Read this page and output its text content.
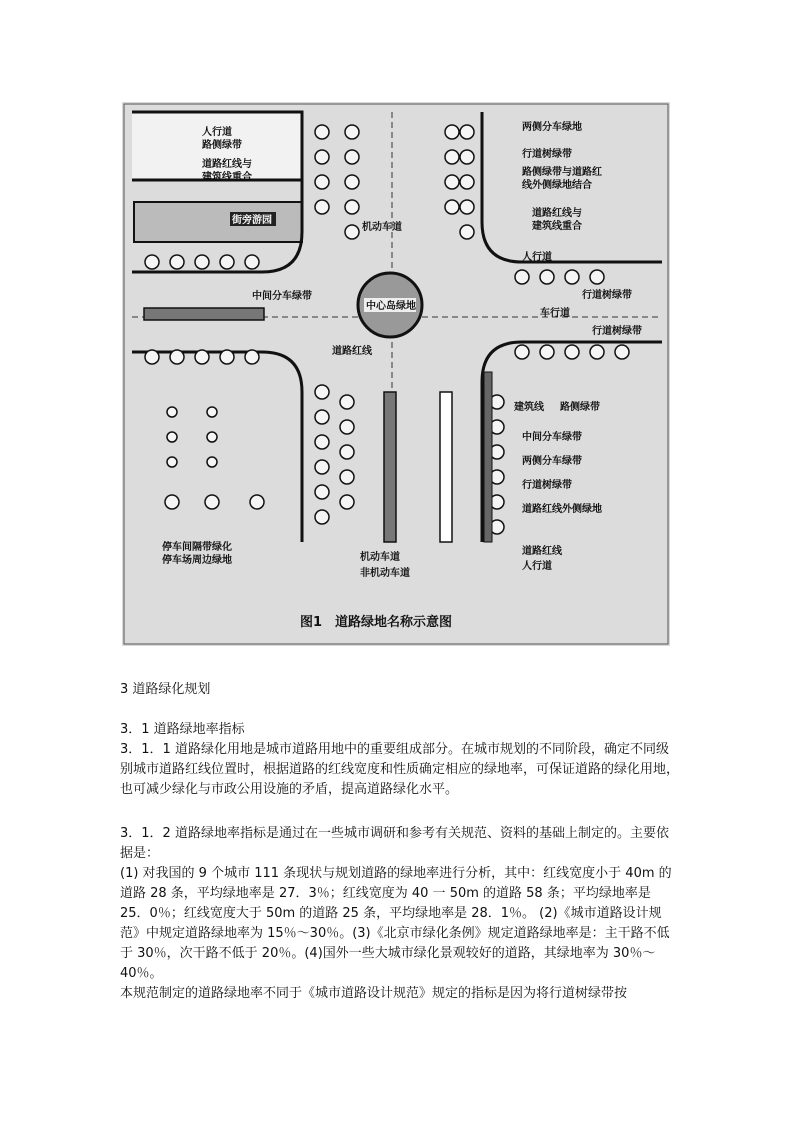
人行道
路侧绿带
道路红线与
建筑线重合
街旁游园
机动车道
两侧分车绿地
行道树绿带
路侧绿带与道路红
线外侧绿地结合
道路红线与
建筑线重合
人行道
行道树绿带
中间分车绿带
中心岛绿地
车行道
行道树绿带
道路红线
建筑线 路侧绿带
中间分车绿带
两侧分车绿带
行道树绿带
道路红线外侧绿地
停车间隔带绿化
停车场周边绿地	机动车道
非机动车道
道路红线
人行道
图1　道路绿地名称示意图

3 道路绿化规划

3．1 道路绿地率指标

3．1．1 道路绿化用地是城市道路用地中的重要组成部分。在城市规划的不同阶段，确定不同级别城市道路红线位置时，根据道路的红线宽度和性质确定相应的绿地率，可保证道路的绿化用地，也可减少绿化与市政公用设施的矛盾，提高道路绿化水平。

3．1．2 道路绿地率指标是通过在一些城市调研和参考有关规范、资料的基础上制定的。主要依据是：

(1) 对我国的 9 个城市 111 条现状与规划道路的绿地率进行分析，其中：红线宽度小于 40m 的道路 28 条，平均绿地率是 27．3％；红线宽度为 40 一 50m 的道路 58 条；平均绿地率是 25．0％；红线宽度大于 50m 的道路 25 条，平均绿地率是 28．1％。 (2)《城市道路设计规范》中规定道路绿地率为 15％～30％。(3)《北京市绿化条例》规定道路绿地率是：主干路不低于 30％，次干路不低于 20％。(4)国外一些大城市绿化景观较好的道路，其绿地率为 30％～40％。

本规范制定的道路绿地率不同于《城市道路设计规范》规定的指标是因为将行道树绿带按
